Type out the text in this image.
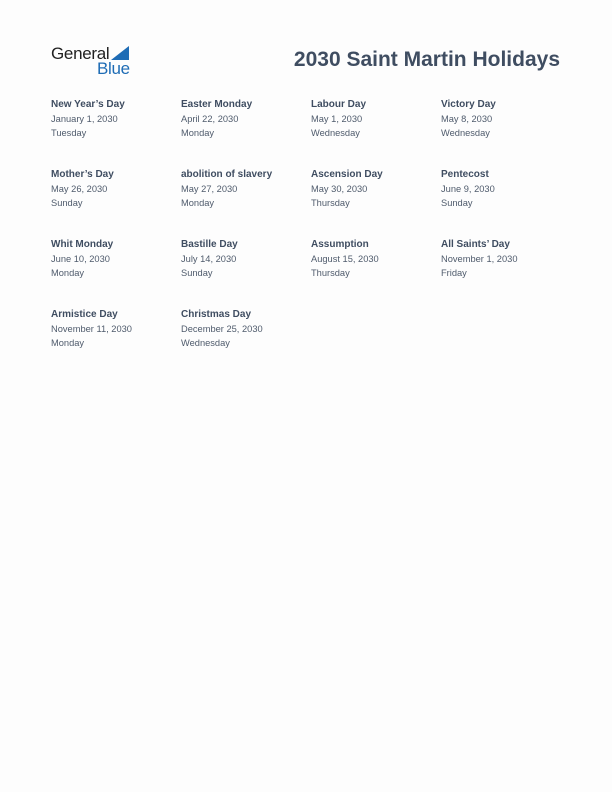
General
Blue	2030 Saint Martin Holidays
New Year’s Day
January 1, 2030
Tuesday
Easter Monday
April 22, 2030
Monday
Labour Day
May 1, 2030
Wednesday
Victory Day
May 8, 2030
Wednesday
Mother’s Day
May 26, 2030
Sunday
abolition of slavery
May 27, 2030
Monday
Ascension Day
May 30, 2030
Thursday
Pentecost
June 9, 2030
Sunday
Whit Monday
June 10, 2030
Monday
Bastille Day
July 14, 2030
Sunday
Assumption
August 15, 2030
Thursday
All Saints’ Day
November 1, 2030
Friday
Armistice Day
November 11, 2030
Monday
Christmas Day
December 25, 2030
Wednesday
